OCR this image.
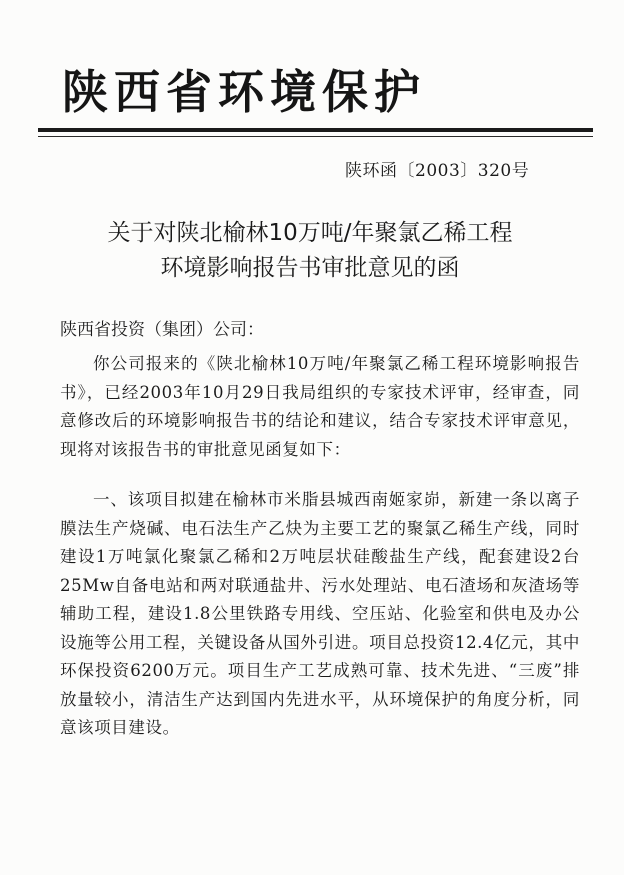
陕西省环境保护
陕环函〔2003〕320号
关于对陕北榆林10万吨/年聚氯乙稀工程
环境影响报告书审批意见的函
陕西省投资（集团）公司：

你公司报来的《陕北榆林10万吨/年聚氯乙稀工程环境影响报告书》，已经2003年10月29日我局组织的专家技术评审，经审查，同意修改后的环境影响报告书的结论和建议，结合专家技术评审意见，现将对该报告书的审批意见函复如下：

一、该项目拟建在榆林市米脂县城西南姬家峁，新建一条以离子膜法生产烧碱、电石法生产乙炔为主要工艺的聚氯乙稀生产线，同时建设1万吨氯化聚氯乙稀和2万吨层状硅酸盐生产线，配套建设2台25Mw自备电站和两对联通盐井、污水处理站、电石渣场和灰渣场等辅助工程，建设1.8公里铁路专用线、空压站、化验室和供电及办公设施等公用工程，关键设备从国外引进。项目总投资12.4亿元，其中环保投资6200万元。项目生产工艺成熟可靠、技术先进、“三废”排放量较小，清洁生产达到国内先进水平，从环境保护的角度分析，同意该项目建设。
